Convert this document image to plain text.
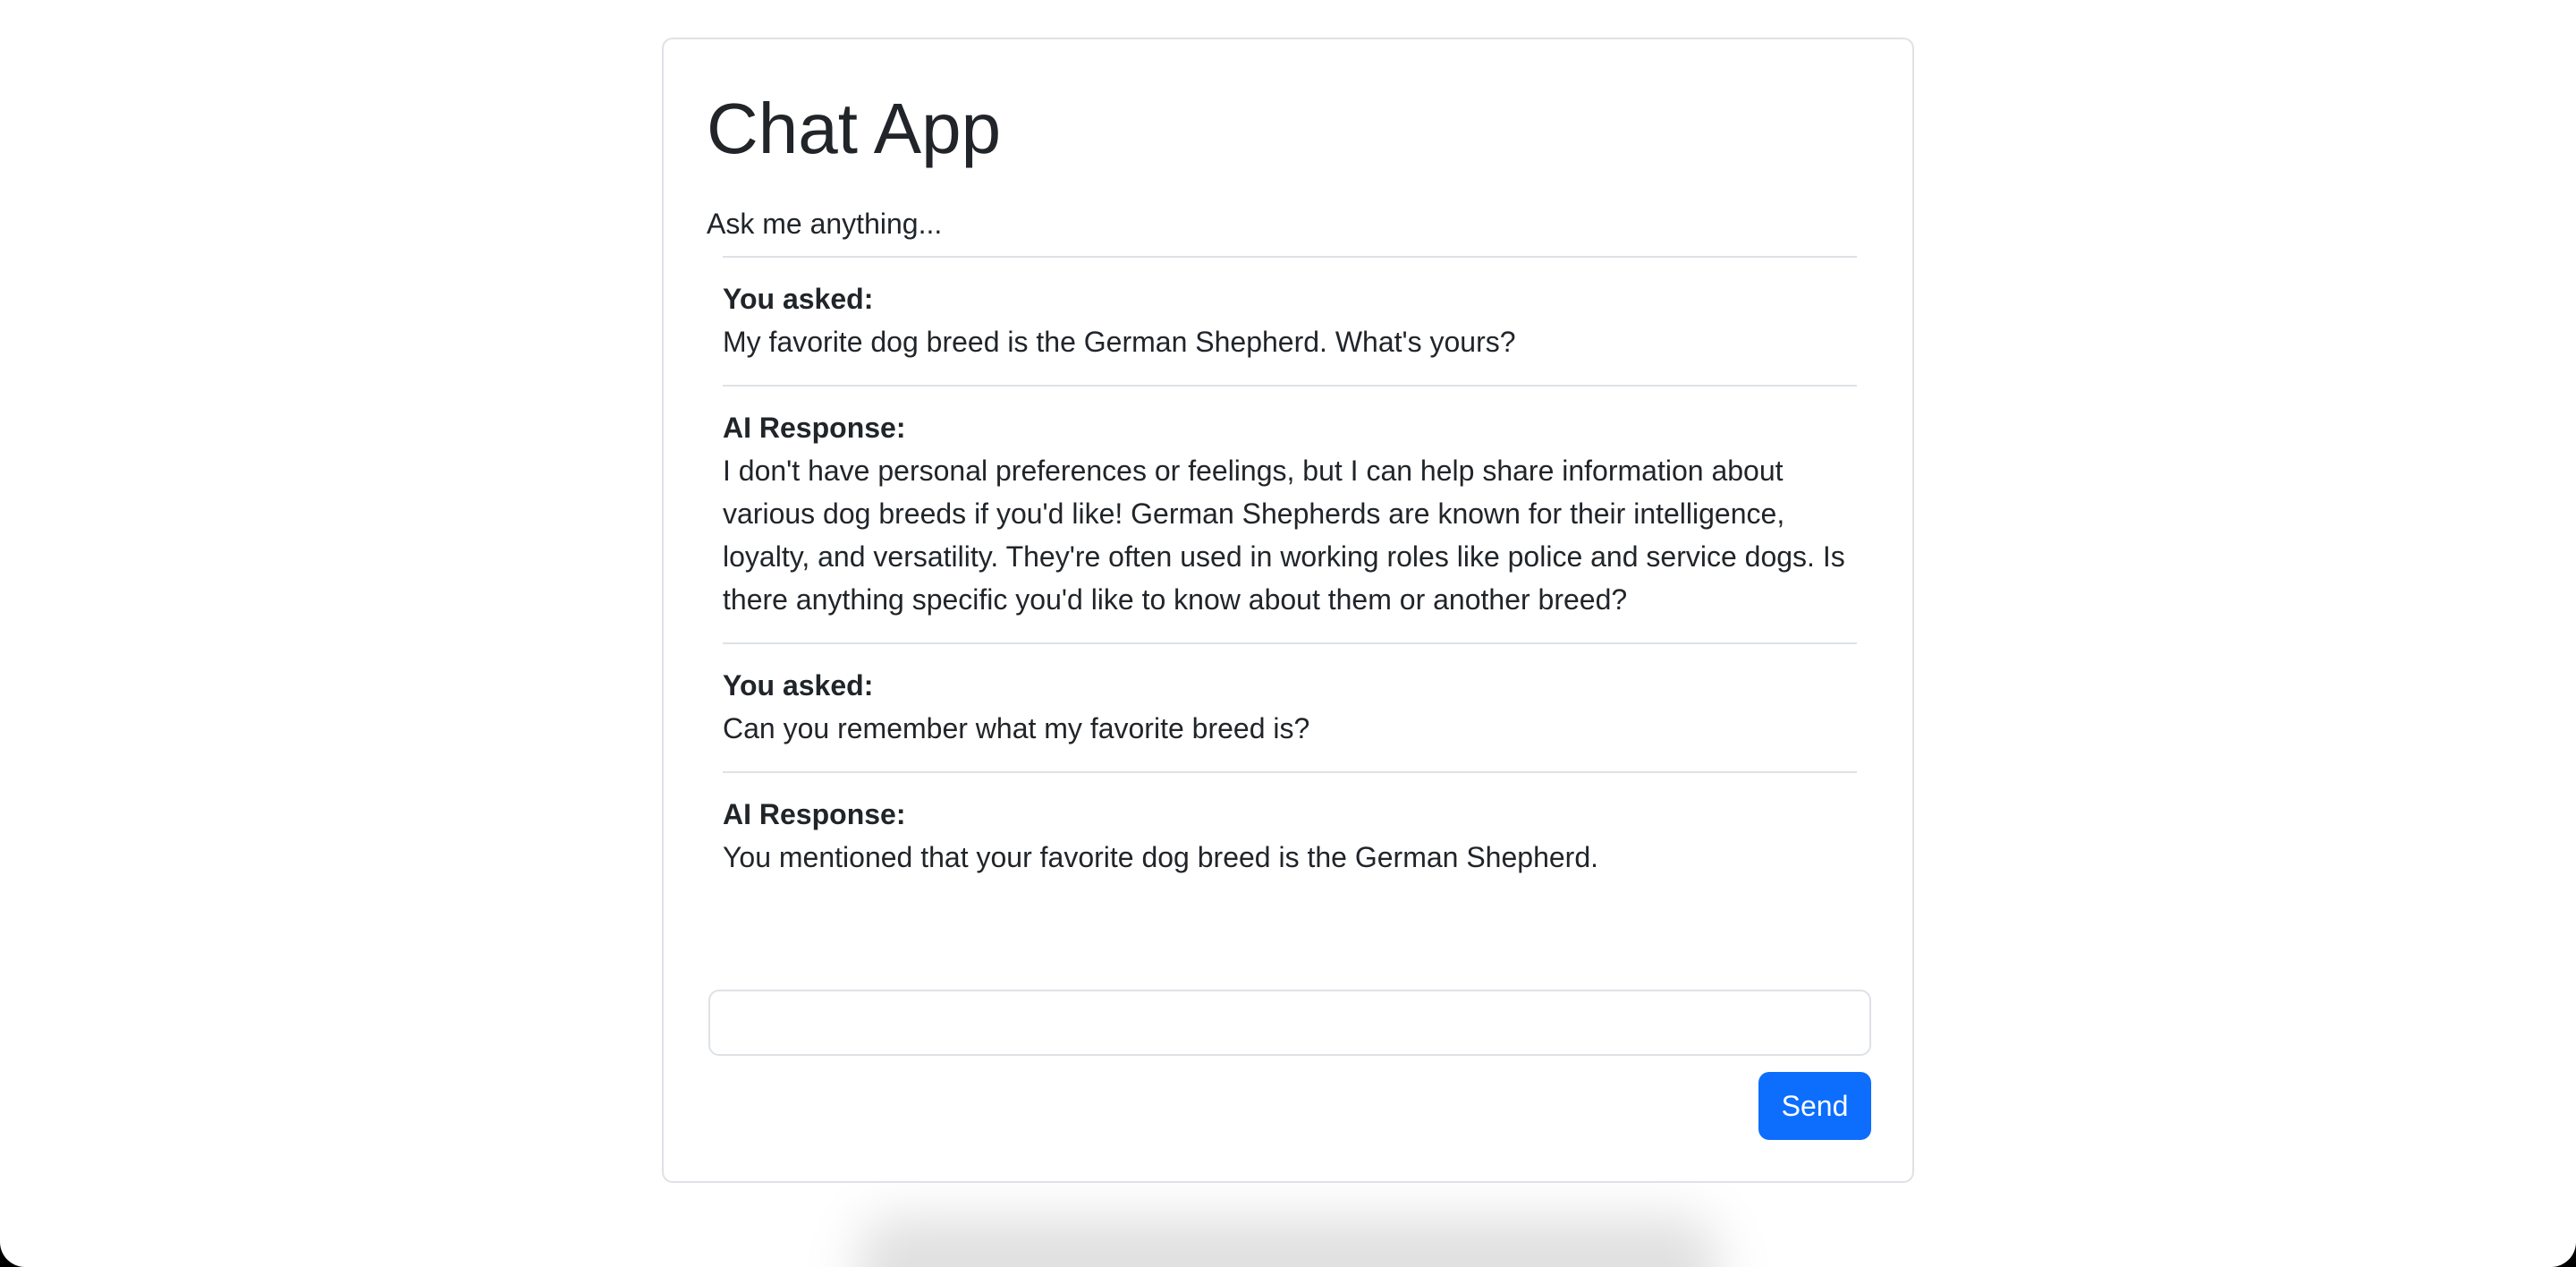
Chat App
Ask me anything...
You asked:
My favorite dog breed is the German Shepherd. What's yours?
AI Response:
I don't have personal preferences or feelings, but I can help share information about various dog breeds if you'd like! German Shepherds are known for their intelligence, loyalty, and versatility. They're often used in working roles like police and service dogs. Is there anything specific you'd like to know about them or another breed?
You asked:
Can you remember what my favorite breed is?
AI Response:
You mentioned that your favorite dog breed is the German Shepherd.
Send
